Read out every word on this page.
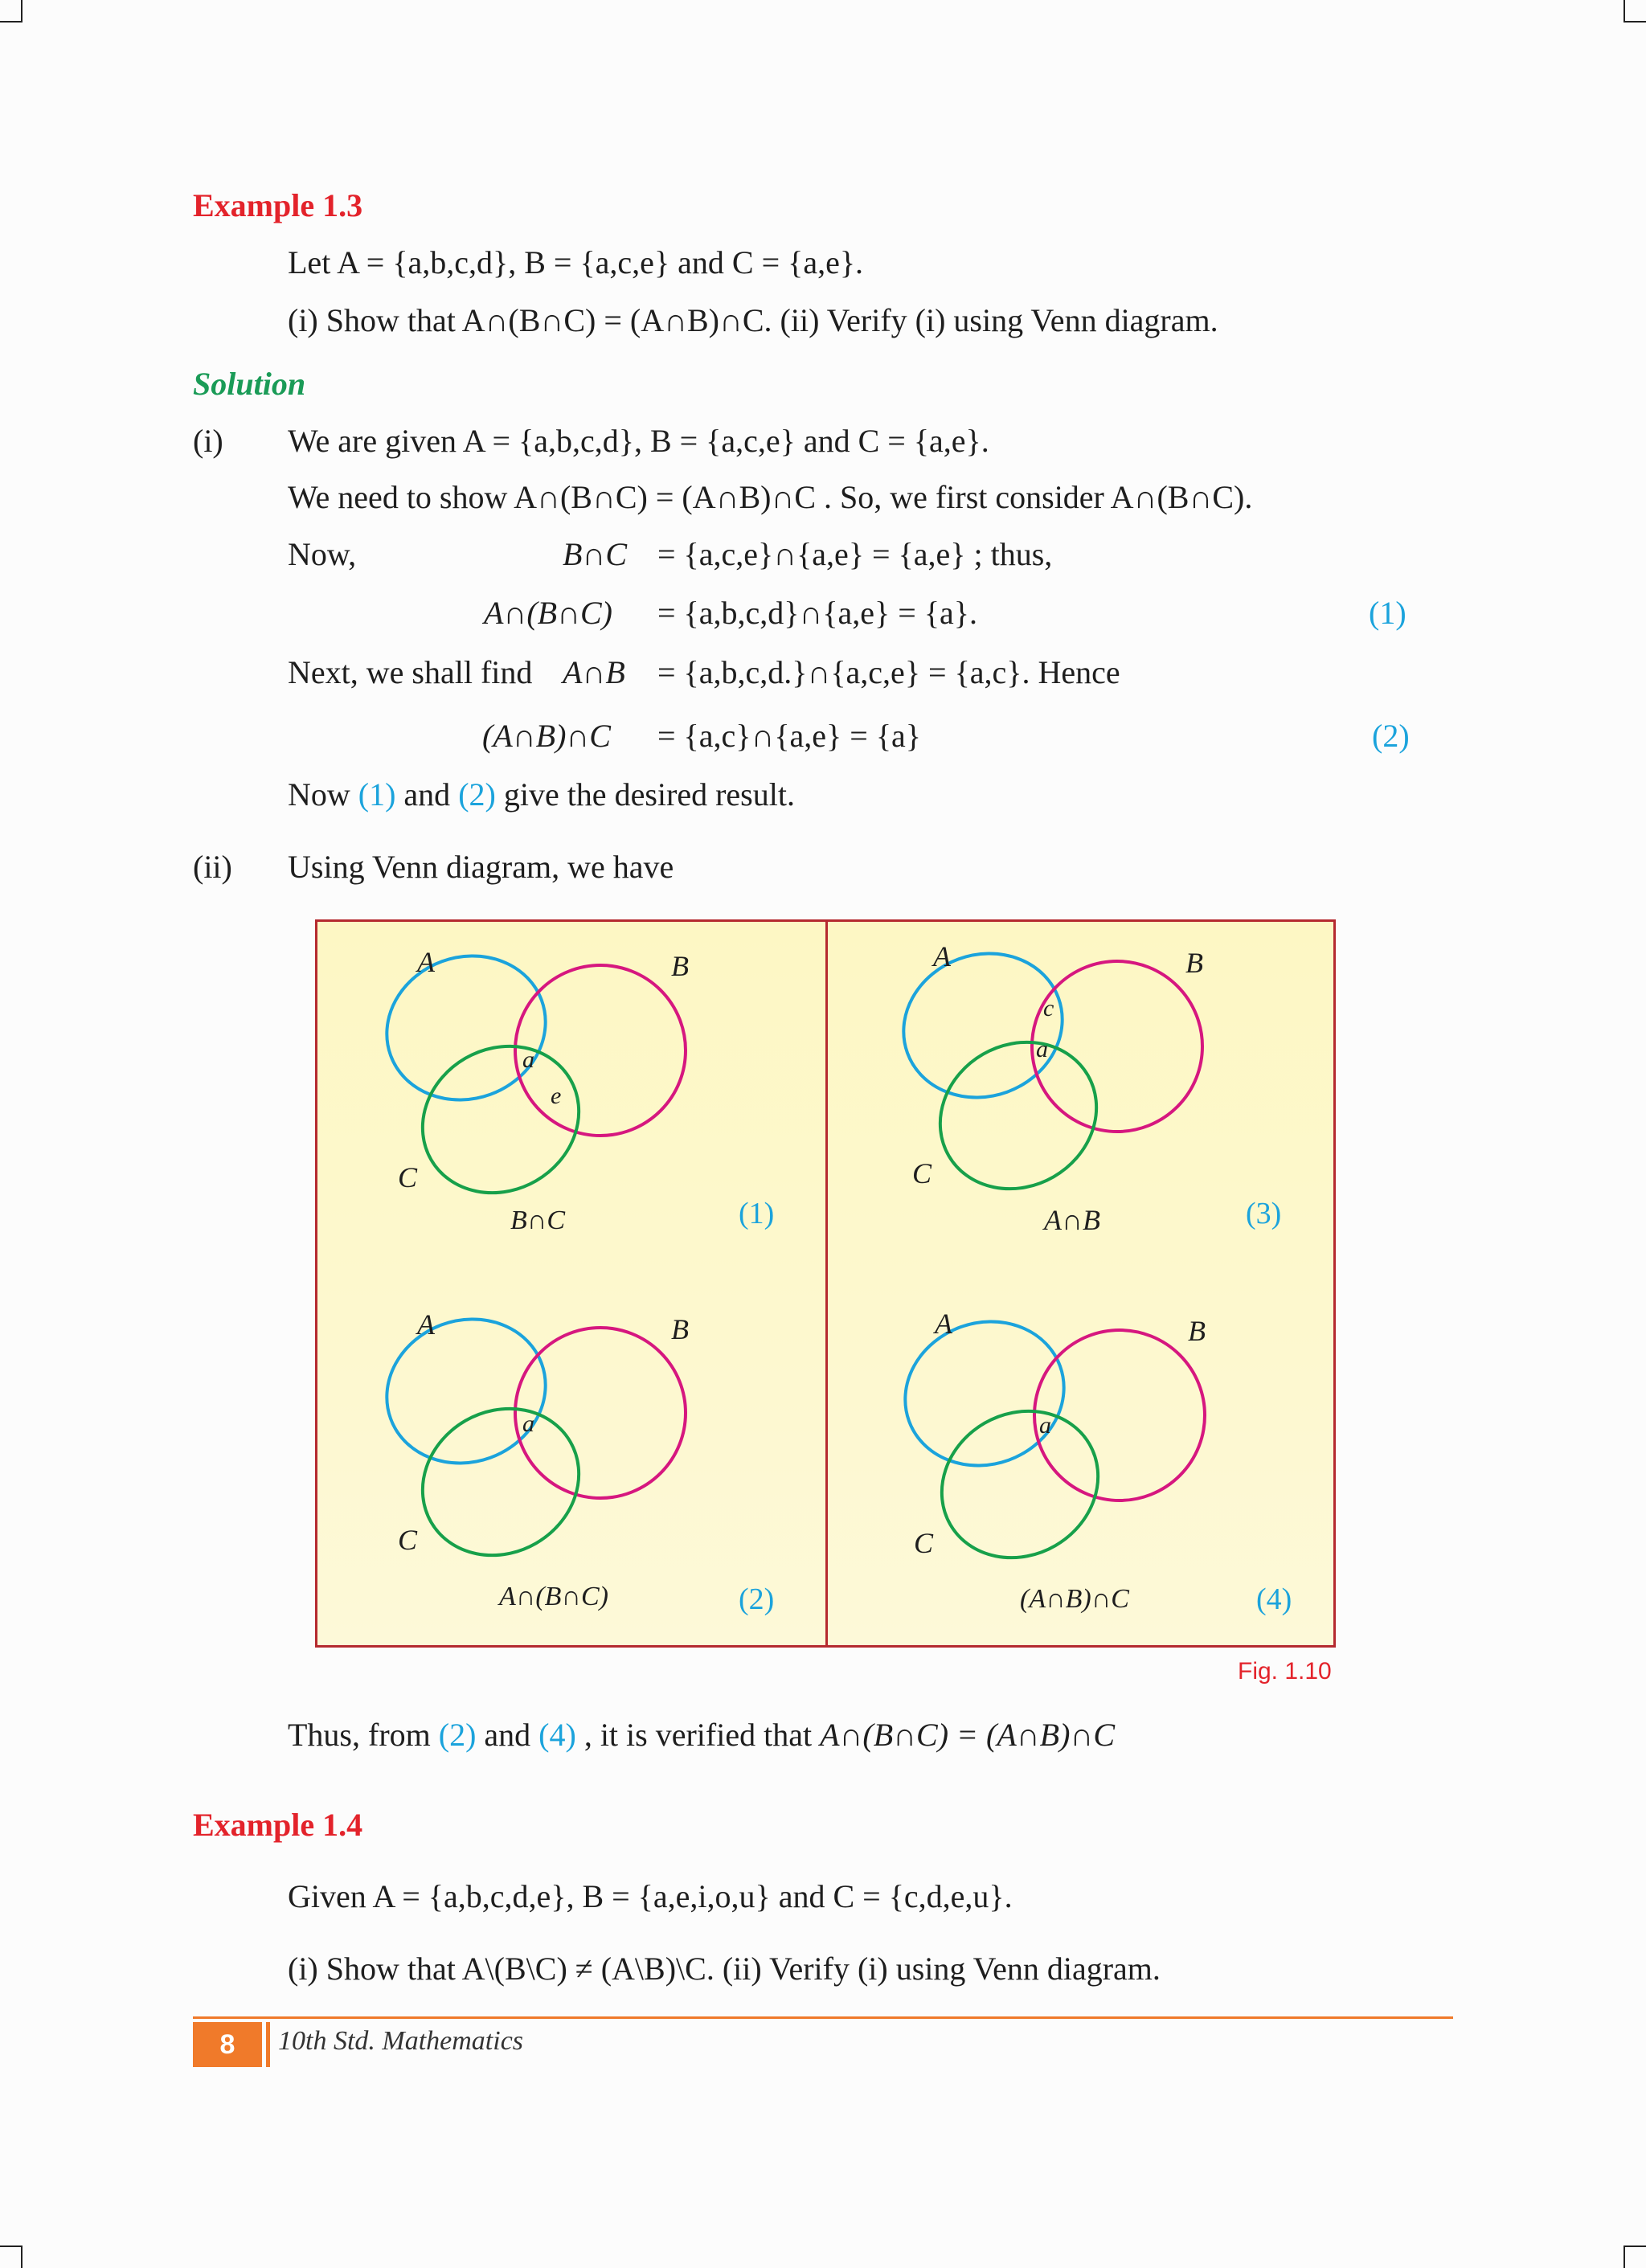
Example 1.3
Let A = {a,b,c,d}, B = {a,c,e} and C = {a,e}.
(i) Show that A∩(B∩C) = (A∩B)∩C. (ii) Verify (i) using Venn diagram.
Solution
(i) We are given A = {a,b,c,d}, B = {a,c,e} and C = {a,e}.
We need to show A∩(B∩C) = (A∩B)∩C . So, we first consider A∩(B∩C).
Now,	B∩C = {a,c,e}∩{a,e} = {a,e} ; thus,
A∩(B∩C) = {a,b,c,d}∩{a,e} = {a}.	(1)
Next, we shall find A∩B = {a,b,c,d.}∩{a,c,e} = {a,c}. Hence
(A∩B)∩C = {a,c}∩{a,e} = {a}	(2)
Now (1) and (2) give the desired result.
(ii) Using Venn diagram, we have
A	B
C
a
e
B∩C	(1)
A	B
C
c
a
A∩B	(3)
A	B
C
a
A∩(B∩C)	(2)
A	B
C
a
(A∩B)∩C	(4)
Fig. 1.10
Thus, from (2) and (4) , it is verified that A∩(B∩C) = (A∩B)∩C
Example 1.4
Given A = {a,b,c,d,e}, B = {a,e,i,o,u} and C = {c,d,e,u}.
(i) Show that A\(B\C) ≠ (A\B)\C. (ii) Verify (i) using Venn diagram.
8	10th Std. Mathematics
